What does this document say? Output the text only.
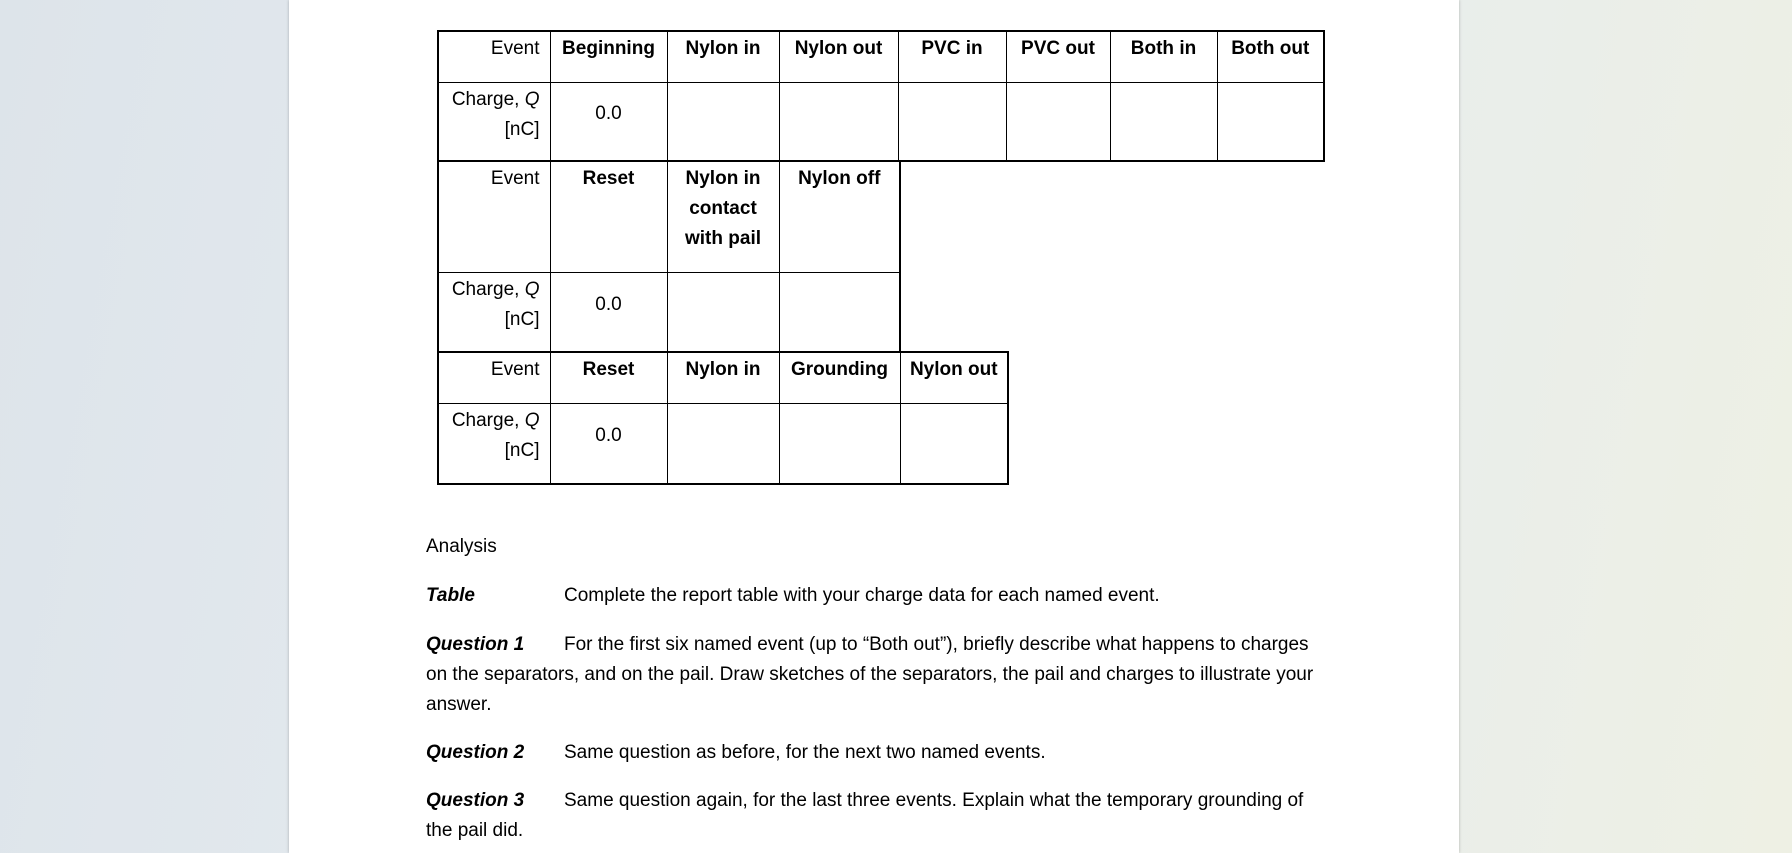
Event	Beginning	Nylon in	Nylon out	PVC in	PVC out	Both in	Both out
Charge, Q
[nC]	0.0						
Event	Reset	Nylon in contact with pail	Nylon off
Charge, Q
[nC]	0.0		
Event	Reset	Nylon in	Grounding	Nylon out
Charge, Q
[nC]	0.0			
Analysis
Table	Complete the report table with your charge data for each named event.
Question 1 For the first six named event (up to “Both out”), briefly describe what happens to charges on the separators, and on the pail. Draw sketches of the separators, the pail and charges to illustrate your answer.
Question 2 Same question as before, for the next two named events.
Question 3 Same question again, for the last three events. Explain what the temporary grounding of the pail did.
